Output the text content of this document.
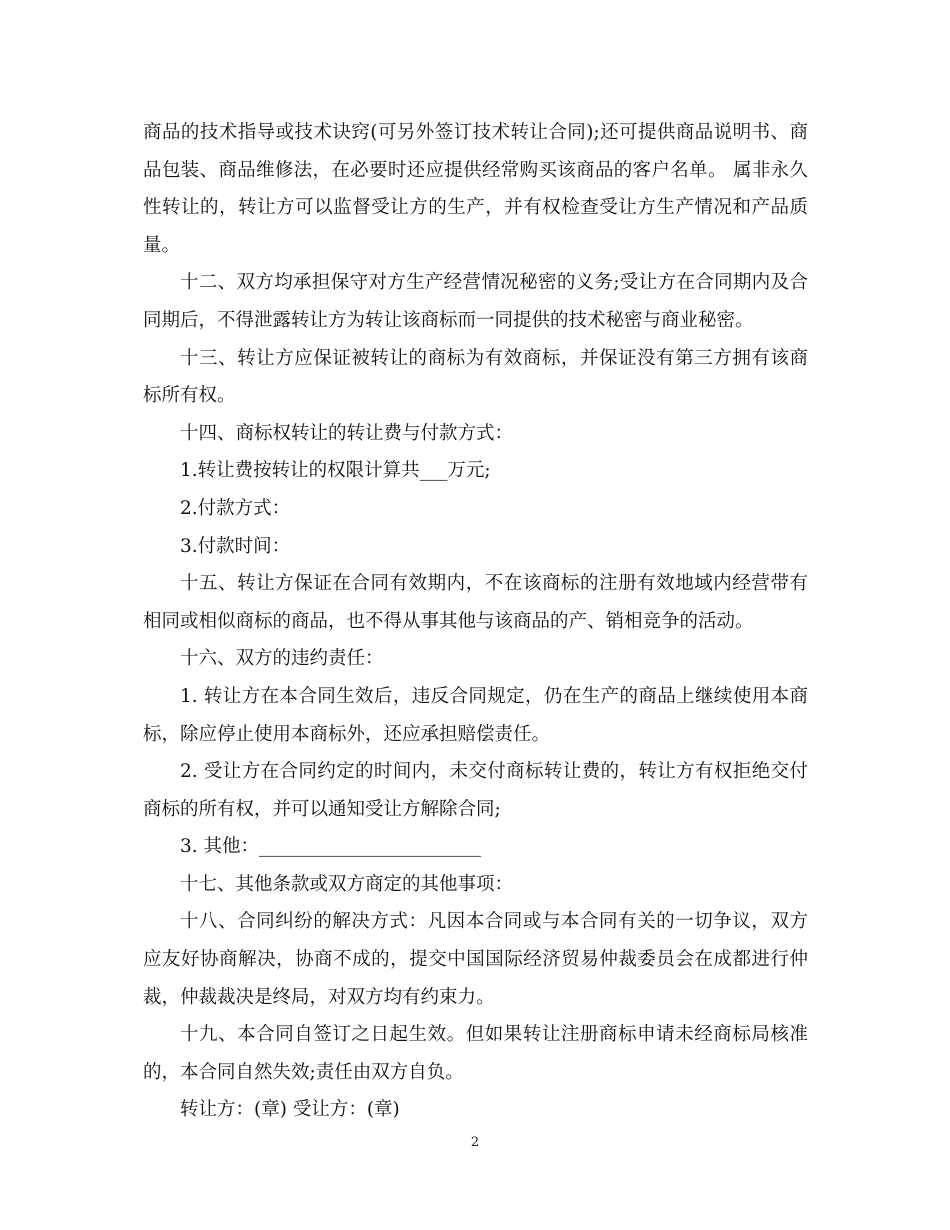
商品的技术指导或技术诀窍(可另外签订技术转让合同);还可提供商品说明书、商品包装、商品维修法，在必要时还应提供经常购买该商品的客户名单。 属非永久性转让的，转让方可以监督受让方的生产，并有权检查受让方生产情况和产品质量。

十二、双方均承担保守对方生产经营情况秘密的义务;受让方在合同期内及合同期后，不得泄露转让方为转让该商标而一同提供的技术秘密与商业秘密。

十三、转让方应保证被转让的商标为有效商标，并保证没有第三方拥有该商标所有权。

十四、商标权转让的转让费与付款方式：

1.转让费按转让的权限计算共___万元;

2.付款方式：

3.付款时间：

十五、转让方保证在合同有效期内，不在该商标的注册有效地域内经营带有相同或相似商标的商品，也不得从事其他与该商品的产、销相竞争的活动。

十六、双方的违约责任：

1. 转让方在本合同生效后，违反合同规定，仍在生产的商品上继续使用本商标，除应停止使用本商标外，还应承担赔偿责任。

2. 受让方在合同约定的时间内，未交付商标转让费的，转让方有权拒绝交付商标的所有权，并可以通知受让方解除合同;

3. 其他：________________________

十七、其他条款或双方商定的其他事项：

十八、合同纠纷的解决方式：凡因本合同或与本合同有关的一切争议，双方应友好协商解决，协商不成的，提交中国国际经济贸易仲裁委员会在成都进行仲裁，仲裁裁决是终局，对双方均有约束力。

十九、本合同自签订之日起生效。但如果转让注册商标申请未经商标局核准的，本合同自然失效;责任由双方自负。

转让方：(章) 受让方：(章)

2
